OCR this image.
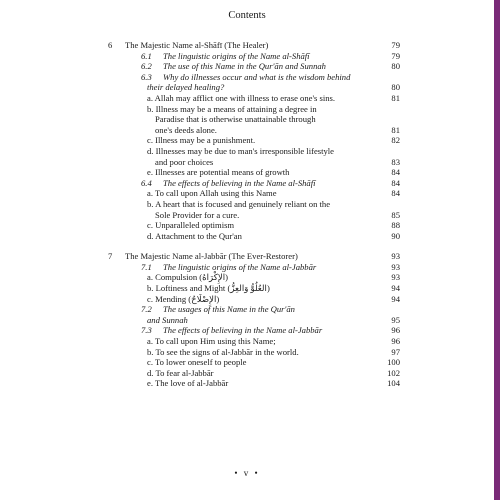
Contents
6	The Majestic Name al-Shāfī (The Healer)	79
6.1	The linguistic origins of the Name al-Shāfī	79
6.2	The use of this Name in the Qur'ān and Sunnah	80
6.3	Why do illnesses occur and what is the wisdom behind
their delayed healing?	80
a. Allah may afflict one with illness to erase one's sins.	81
b. Illness may be a means of attaining a degree in
Paradise that is otherwise unattainable through
one's deeds alone.	81
c. Illness may be a punishment.	82
d. Illnesses may be due to man's irresponsible lifestyle
and poor choices	83
e. Illnesses are potential means of growth	84
6.4	The effects of believing in the Name al-Shāfī	84
a. To call upon Allah using this Name	84
b. A heart that is focused and genuinely reliant on the
Sole Provider for a cure.	85
c. Unparalleled optimism	88
d. Attachment to the Qur'an	90
7	The Majestic Name al-Jabbār (The Ever-Restorer)	93
7.1	The linguistic origins of the Name al-Jabbār	93
a. Compulsion (الإِكْرَاهُ)	93
b. Loftiness and Might (العُلُوُّ وَالعِزُّ)	94
c. Mending (الإِصْلَاحُ)	94
7.2	The usages of this Name in the Qur'ān
and Sunnah	95
7.3	The effects of believing in the Name al-Jabbār	96
a. To call upon Him using this Name;	96
b. To see the signs of al-Jabbār in the world.	97
c. To lower oneself to people	100
d. To fear al-Jabbār	102
e. The love of al-Jabbār	104
• v •
